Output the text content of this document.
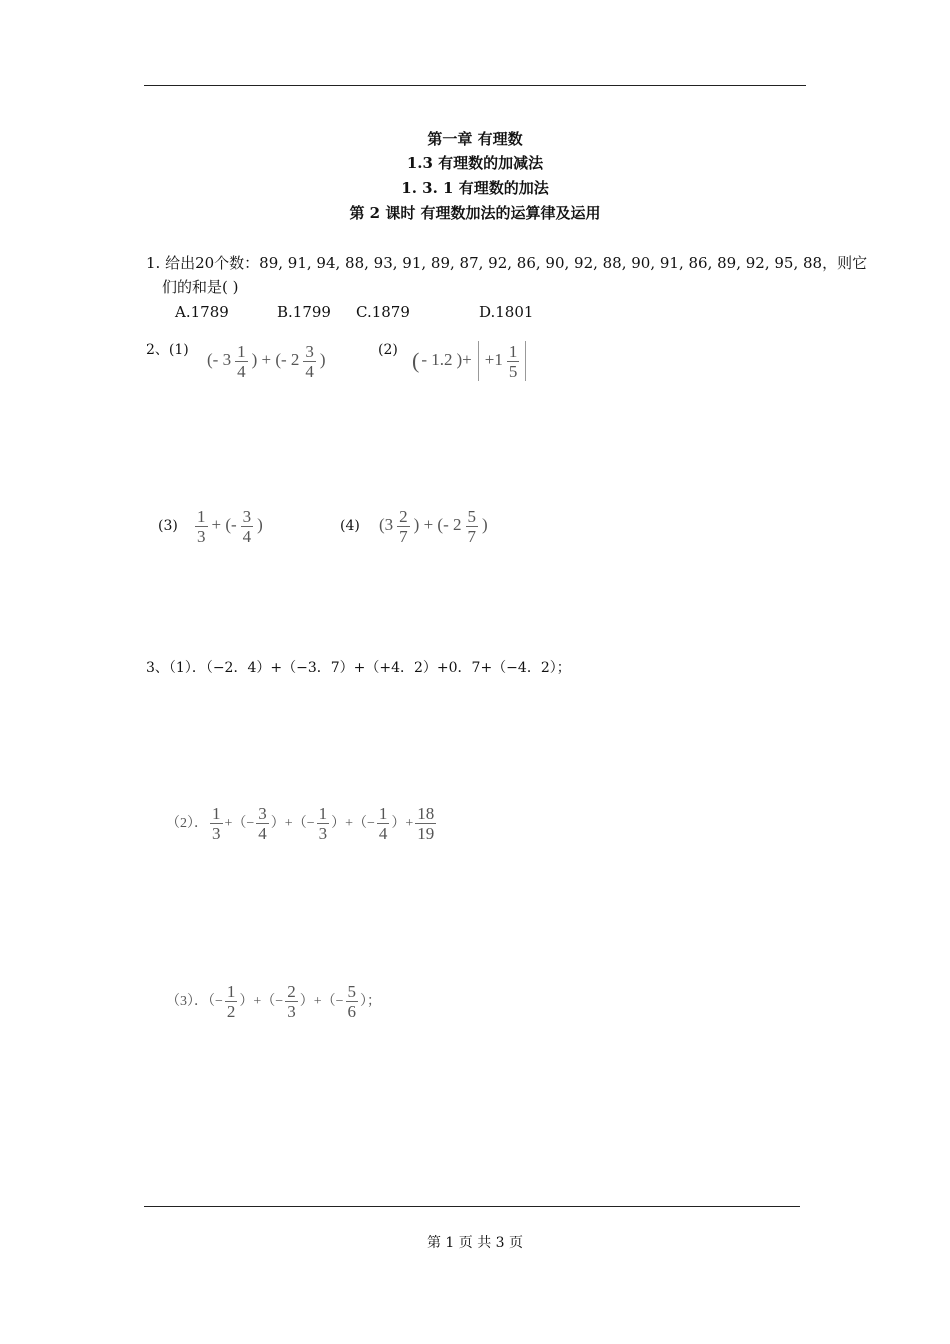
第一章 有理数
1.3 有理数的加减法
1. 3. 1 有理数的加法
第 2 课时 有理数加法的运算律及运用
1. 给出20个数：89, 91, 94, 88, 93, 91, 89, 87, 92, 86, 90, 92, 88, 90, 91, 86, 89, 92, 95, 88，则它
们的和是( )
A.1789	B.1799 C.1879	D.1801
2、(1)
(- $3 \frac{1}{4}$ ) + (- $2 \frac{3}{4}$ )
(2) ( - 1.2 )+ $+1 \frac{1}{5}$
$(3) \frac{1}{3}$ + (- $\frac{3}{4}$ )	(4) ($3 \frac{2}{7}$ ) + (- $2 \frac{5}{7}$ )
3、（1）．（−2．4）+（−3．7）+（+4．2）+0．7+（−4．2）；
（2）． $\frac{1}{3}$ +（− $\frac{3}{4}$ ）+（− $\frac{1}{3}$ ）+（− $\frac{1}{4}$ ）+ $\frac{18}{19}$
（3）．（− $\frac{1}{2}$ ）+（− $\frac{2}{3}$ ）+（− $\frac{5}{6}$ ）；
第 1 页 共 3 页
